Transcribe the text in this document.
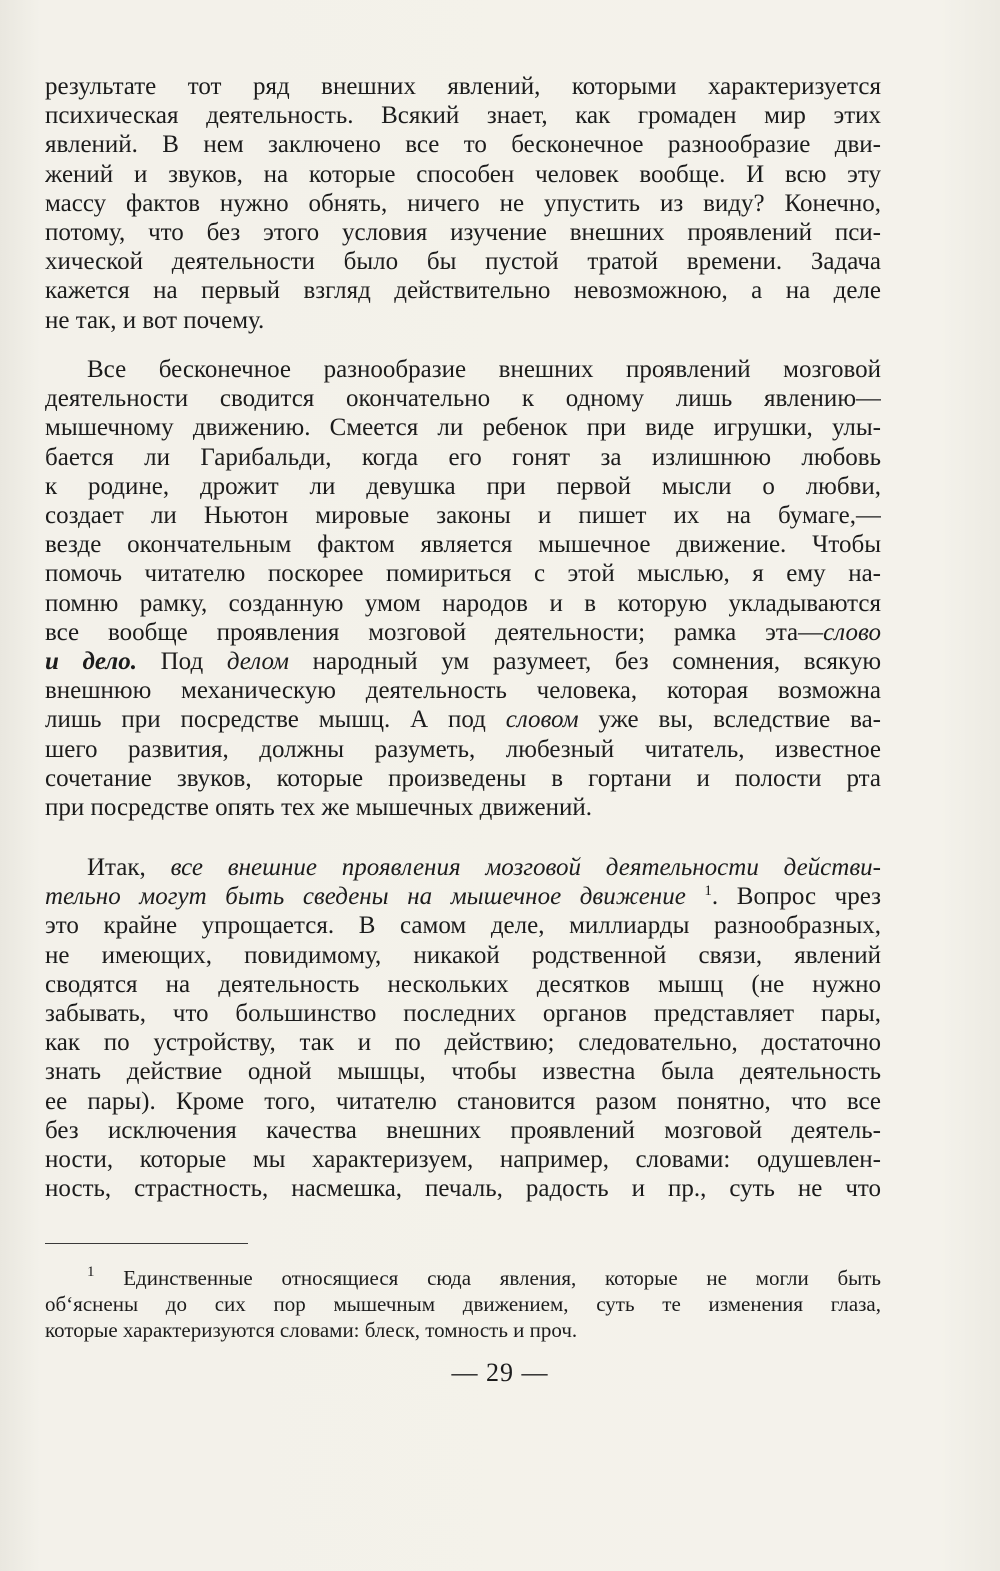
результате тот ряд внешних явлений, которыми характеризуется
психическая деятельность. Всякий знает, как громаден мир этих
явлений. В нем заключено все то бесконечное разнообразие дви-
жений и звуков, на которые способен человек вообще. И всю эту
массу фактов нужно обнять, ничего не упустить из виду? Конечно,
потому, что без этого условия изучение внешних проявлений пси-
хической деятельности было бы пустой тратой времени. Задача
кажется на первый взгляд действительно невозможною, а на деле
не так, и вот почему.

Все бесконечное разнообразие внешних проявлений мозговой
деятельности сводится окончательно к одному лишь явлению—
мышечному движению. Смеется ли ребенок при виде игрушки, улы-
бается ли Гарибальди, когда его гонят за излишнюю любовь
к родине, дрожит ли девушка при первой мысли о любви,
создает ли Ньютон мировые законы и пишет их на бумаге,—
везде окончательным фактом является мышечное движение. Чтобы
помочь читателю поскорее помириться с этой мыслью, я ему на-
помню рамку, созданную умом народов и в которую укладываются
все вообще проявления мозговой деятельности; рамка эта—слово
и дело. Под делом народный ум разумеет, без сомнения, всякую
внешнюю механическую деятельность человека, которая возможна
лишь при посредстве мышц. А под словом уже вы, вследствие ва-
шего развития, должны разуметь, любезный читатель, известное
сочетание звуков, которые произведены в гортани и полости рта
при посредстве опять тех же мышечных движений.

Итак, все внешние проявления мозговой деятельности действи-
тельно могут быть сведены на мышечное движение $^1$. Вопрос чрез
это крайне упрощается. В самом деле, миллиарды разнообразных,
не имеющих, повидимому, никакой родственной связи, явлений
сводятся на деятельность нескольких десятков мышц (не нужно
забывать, что большинство последних органов представляет пары,
как по устройству, так и по действию; следовательно, достаточно
знать действие одной мышцы, чтобы известна была деятельность
ее пары). Кроме того, читателю становится разом понятно, что все
без исключения качества внешних проявлений мозговой деятель-
ности, которые мы характеризуем, например, словами: одушевлен-
ность, страстность, насмешка, печаль, радость и пр., суть не что

$^1$ Единственные относящиеся сюда явления, которые не могли быть
об‘яснены до сих пор мышечным движением, суть те изменения глаза,
которые характеризуются словами: блеск, томность и проч.
— 29 —
